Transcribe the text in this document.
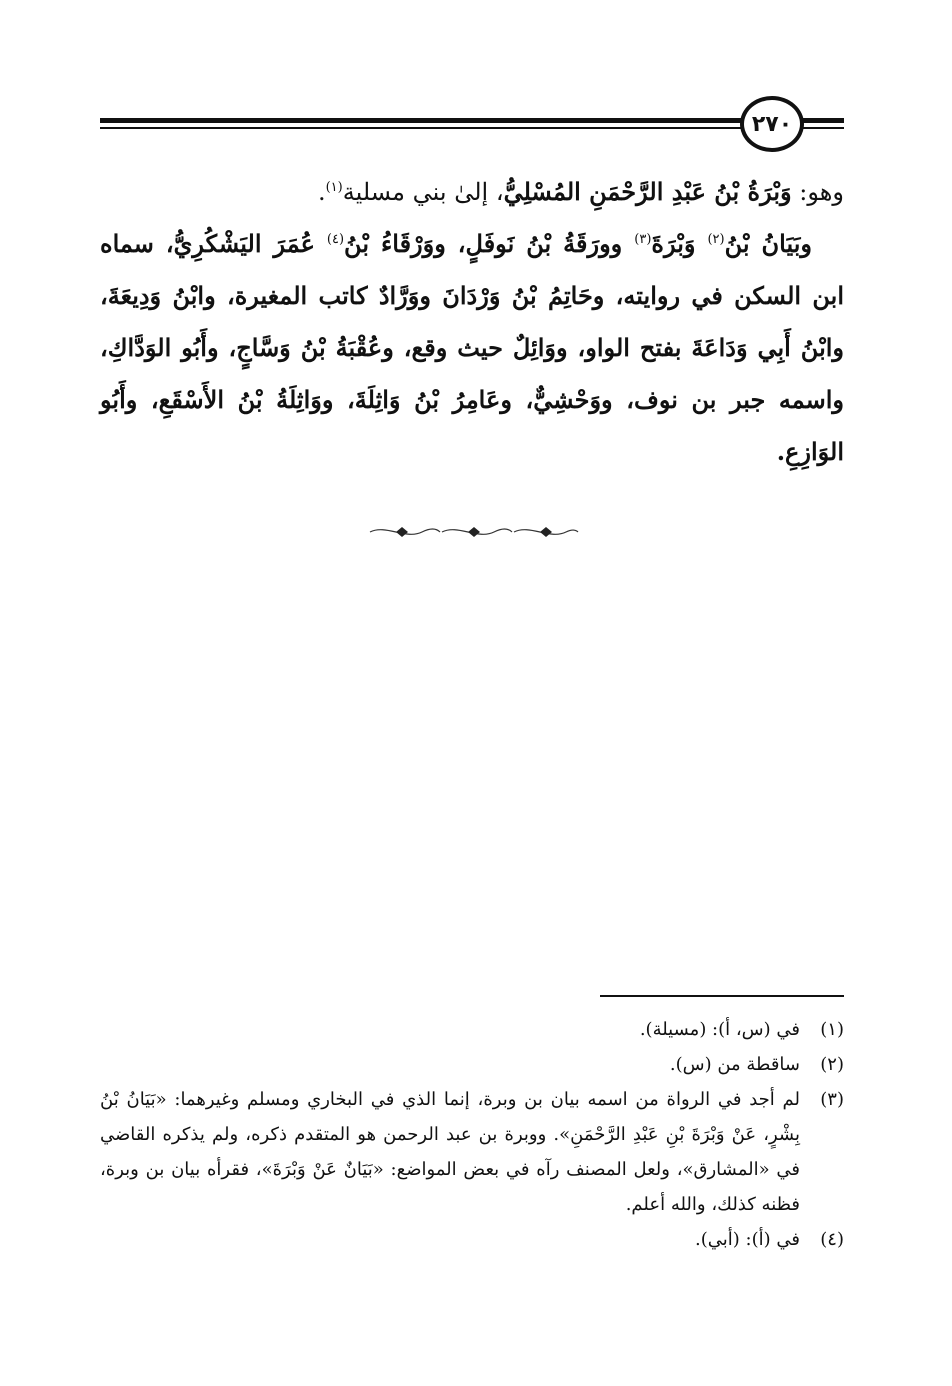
٢٧٠

وهو: وَبْرَةُ بْنُ عَبْدِ الرَّحْمَنِ المُسْلِيُّ، إلىٰ بني مسلية$^{(١)}$.

وبَيَانُ بْنُ$^{(٢)}$ وَبْرَةَ$^{(٣)}$ وورَقَةُ بْنُ نَوفَلٍ، ووَرْقَاءُ بْنُ$^{(٤)}$ عُمَرَ اليَشْكُرِيُّ، سماه ابن السكن في روايته، وحَاتِمُ بْنُ وَرْدَانَ ووَرَّادٌ كاتب المغيرة، وابْنُ وَدِيعَةَ، وابْنُ أَبِي وَدَاعَةَ بفتح الواو، ووَائِلٌ حيث وقع، وعُقْبَةُ بْنُ وَسَّاجٍ، وأَبُو الوَدَّاكِ، واسمه جبر بن نوف، ووَحْشِيٌّ، وعَامِرُ بْنُ وَاثِلَةَ، ووَاثِلَةُ بْنُ الأَسْقَعِ، وأَبُو الوَازِعِ.

(١)
في (س، أ): (مسيلة).
(٢)
ساقطة من (س).
(٣)
لم أجد في الرواة من اسمه بيان بن وبرة، إنما الذي في البخاري ومسلم وغيرهما: «بَيَانُ بْنُ بِشْرٍ، عَنْ وَبْرَةَ بْنِ عَبْدِ الرَّحْمَنِ». ووبرة بن عبد الرحمن هو المتقدم ذكره، ولم يذكره القاضي في «المشارق»، ولعل المصنف رآه في بعض المواضع: «بَيَانٌ عَنْ وَبْرَةَ»، فقرأه بيان بن وبرة، فظنه كذلك، والله أعلم.
(٤)
في (أ): (أبي).
